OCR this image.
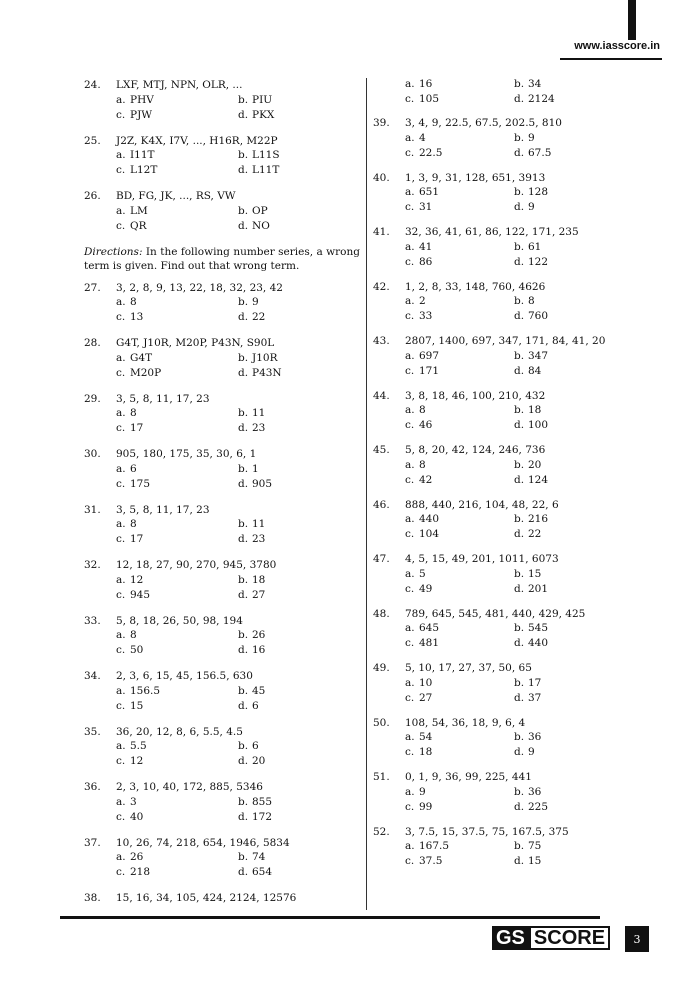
www.iasscore.in
24.	LXF, MTJ, NPN, OLR, ...
a. PHV	b. PIU
c. PJW	d. PKX
25.	J2Z, K4X, I7V, ..., H16R, M22P
a. I11T	b. L11S
c. L12T	d. L11T
26.	BD, FG, JK, ..., RS, VW
a. LM	b. OP
c. QR	d. NO
Directions: In the following number series, a wrong term is given. Find out that wrong term.
27.	3, 2, 8, 9, 13, 22, 18, 32, 23, 42
a. 8	b. 9
c. 13	d. 22
28.	G4T, J10R, M20P, P43N, S90L
a. G4T	b. J10R
c. M20P	d. P43N
29.	3, 5, 8, 11, 17, 23
a. 8	b. 11
c. 17	d. 23
30.	905, 180, 175, 35, 30, 6, 1
a. 6	b. 1
c. 175	d. 905
31.	3, 5, 8, 11, 17, 23
a. 8	b. 11
c. 17	d. 23
32.	12, 18, 27, 90, 270, 945, 3780
a. 12	b. 18
c. 945	d. 27
33.	5, 8, 18, 26, 50, 98, 194
a. 8	b. 26
c. 50	d. 16
34.	2, 3, 6, 15, 45, 156.5, 630
a. 156.5	b. 45
c. 15	d. 6
35.	36, 20, 12, 8, 6, 5.5, 4.5
a. 5.5	b. 6
c. 12	d. 20
36.	2, 3, 10, 40, 172, 885, 5346
a. 3	b. 855
c. 40	d. 172
37.	10, 26, 74, 218, 654, 1946, 5834
a. 26	b. 74
c. 218	d. 654
38.	15, 16, 34, 105, 424, 2124, 12576
a. 16	b. 34
c. 105	d. 2124
39.	3, 4, 9, 22.5, 67.5, 202.5, 810
a. 4	b. 9
c. 22.5	d. 67.5
40.	1, 3, 9, 31, 128, 651, 3913
a. 651	b. 128
c. 31	d. 9
41.	32, 36, 41, 61, 86, 122, 171, 235
a. 41	b. 61
c. 86	d. 122
42.	1, 2, 8, 33, 148, 760, 4626
a. 2	b. 8
c. 33	d. 760
43.	2807, 1400, 697, 347, 171, 84, 41, 20
a. 697	b. 347
c. 171	d. 84
44.	3, 8, 18, 46, 100, 210, 432
a. 8	b. 18
c. 46	d. 100
45.	5, 8, 20, 42, 124, 246, 736
a. 8	b. 20
c. 42	d. 124
46.	888, 440, 216, 104, 48, 22, 6
a. 440	b. 216
c. 104	d. 22
47.	4, 5, 15, 49, 201, 1011, 6073
a. 5	b. 15
c. 49	d. 201
48.	789, 645, 545, 481, 440, 429, 425
a. 645	b. 545
c. 481	d. 440
49.	5, 10, 17, 27, 37, 50, 65
a. 10	b. 17
c. 27	d. 37
50.	108, 54, 36, 18, 9, 6, 4
a. 54	b. 36
c. 18	d. 9
51.	0, 1, 9, 36, 99, 225, 441
a. 9	b. 36
c. 99	d. 225
52.	3, 7.5, 15, 37.5, 75, 167.5, 375
a. 167.5	b. 75
c. 37.5	d. 15
GS SCORE	3
